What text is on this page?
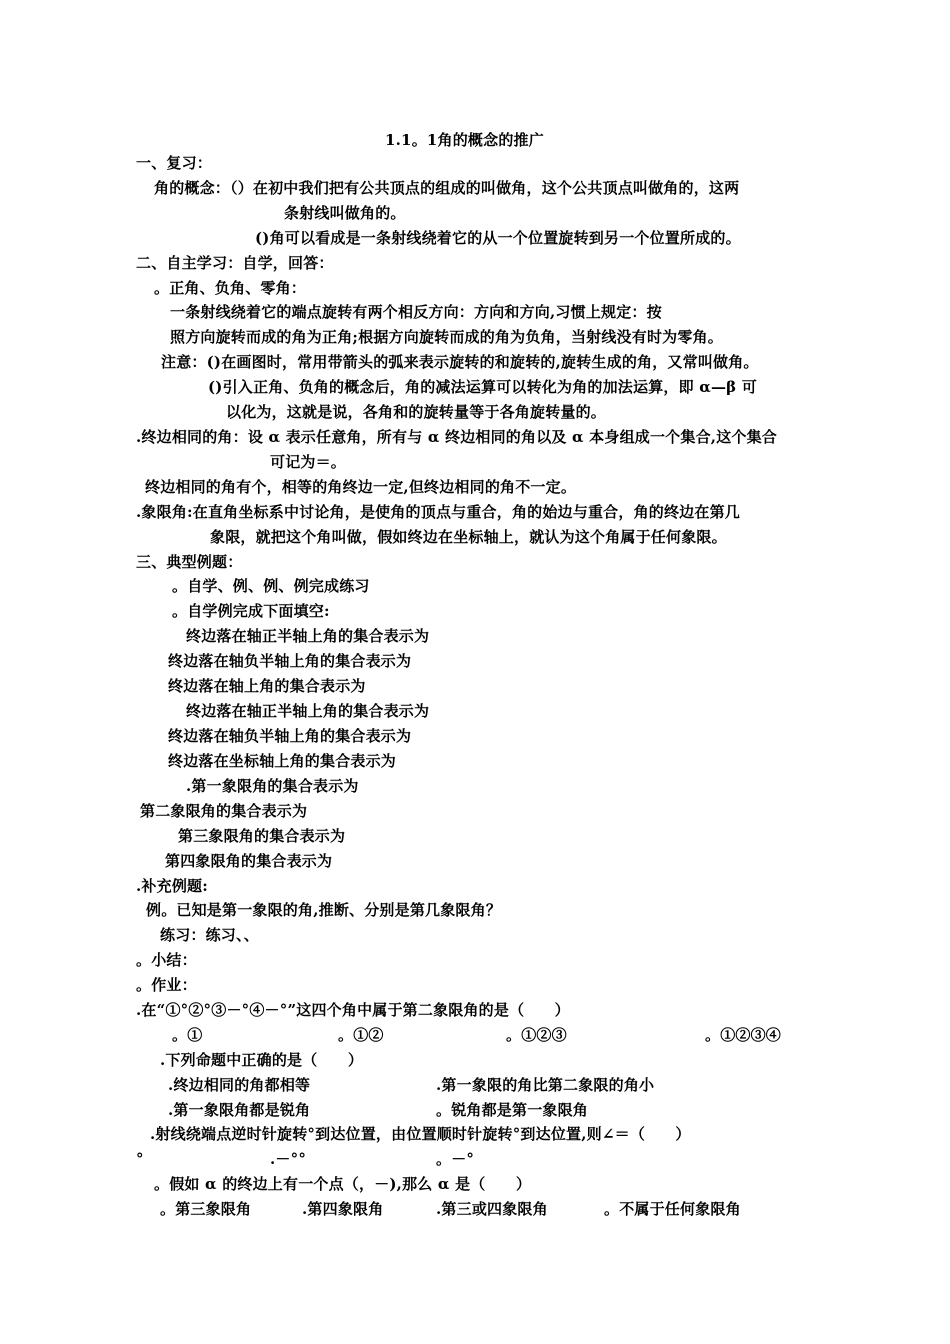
1.1。1角的概念的推广
一、复习：
角的概念：（）在初中我们把有公共顶点的组成的叫做角，这个公共顶点叫做角的，这两
条射线叫做角的。
()角可以看成是一条射线绕着它的从一个位置旋转到另一个位置所成的。
二、自主学习：自学，回答：
。正角、负角、零角：
一条射线绕着它的端点旋转有两个相反方向：方向和方向,习惯上规定：按
照方向旋转而成的角为正角;根据方向旋转而成的角为负角，当射线没有时为零角。
注意：()在画图时，常用带箭头的弧来表示旋转的和旋转的,旋转生成的角，又常叫做角。
()引入正角、负角的概念后，角的减法运算可以转化为角的加法运算，即 α—β 可
以化为，这就是说，各角和的旋转量等于各角旋转量的。
.终边相同的角：设 α 表示任意角，所有与 α 终边相同的角以及 α 本身组成一个集合,这个集合
可记为＝。
终边相同的角有个，相等的角终边一定,但终边相同的角不一定。
.象限角:在直角坐标系中讨论角，是使角的顶点与重合，角的始边与重合，角的终边在第几
象限，就把这个角叫做，假如终边在坐标轴上，就认为这个角属于任何象限。
三、典型例题：
。自学、例、例、例完成练习
。自学例完成下面填空:
终边落在轴正半轴上角的集合表示为
终边落在轴负半轴上角的集合表示为
终边落在轴上角的集合表示为
终边落在轴正半轴上角的集合表示为
终边落在轴负半轴上角的集合表示为
终边落在坐标轴上角的集合表示为
.第一象限角的集合表示为
第二象限角的集合表示为
第三象限角的集合表示为
第四象限角的集合表示为
.补充例题:
例。已知是第一象限的角,推断、分别是第几象限角？
练习：练习、、
。小结：
。作业：
.在“①°②°③－°④－°”这四个角中属于第二象限角的是（　　）
。①	。①②	。①②③	。①②③④
.下列命题中正确的是（　　）
.终边相同的角都相等	.第一象限的角比第二象限的角小
.第一象限角都是锐角	。锐角都是第一象限角
.射线绕端点逆时针旋转°到达位置，由位置顺时针旋转°到达位置,则∠＝（　　）
°	.－°°	。－°
。假如 α 的终边上有一个点（，－),那么 α 是（　　）
。第三象限角	.第四象限角	.第三或四象限角	。不属于任何象限角
